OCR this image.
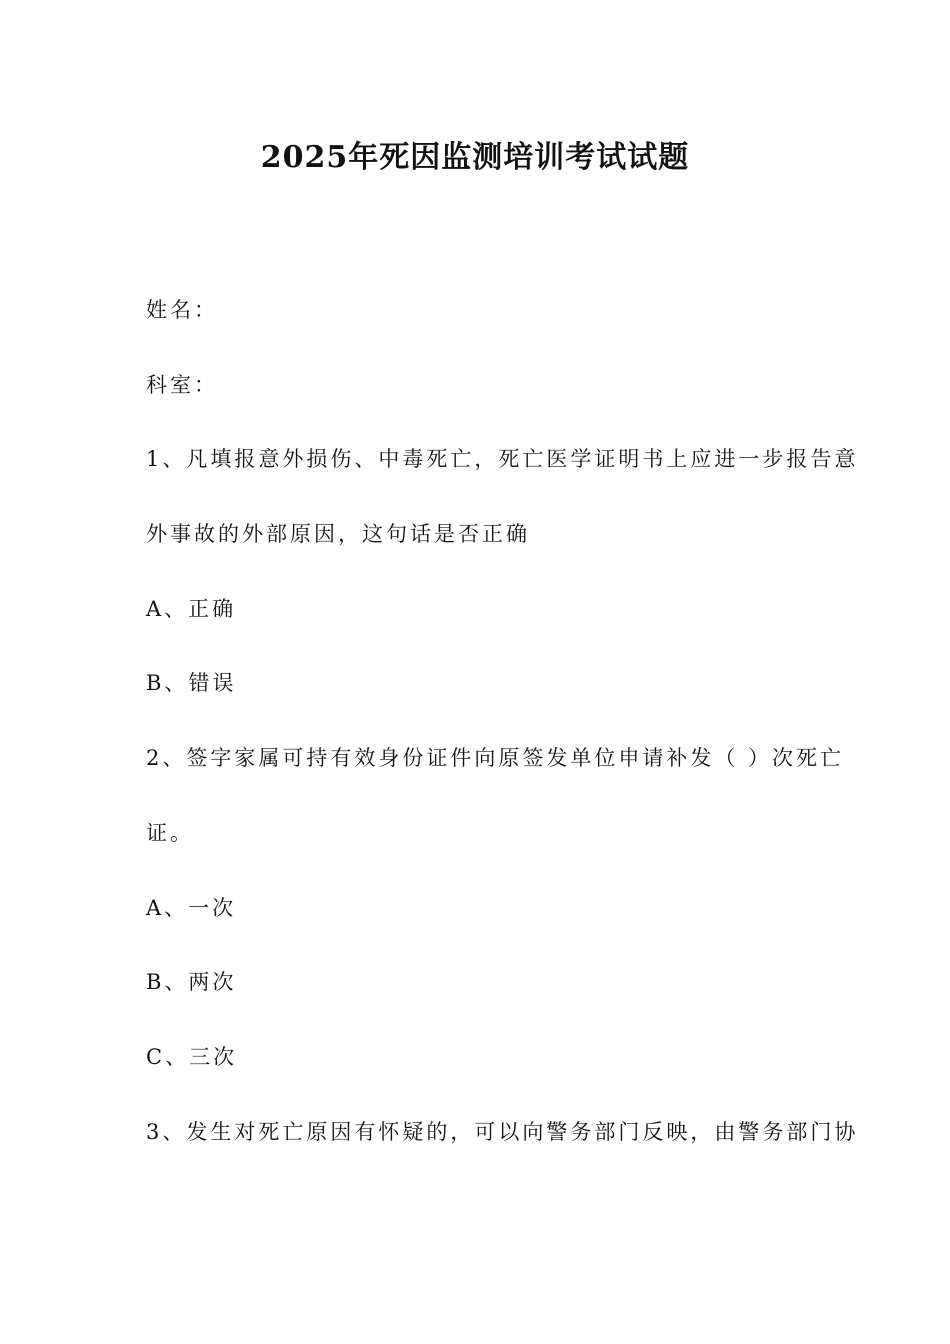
2025年死因监测培训考试试题
姓名：
科室：
1、凡填报意外损伤、中毒死亡，死亡医学证明书上应进一步报告意
外事故的外部原因，这句话是否正确
A、正确
B、错误
2、签字家属可持有效身份证件向原签发单位申请补发（ ）次死亡
证。
A、一次
B、两次
C、三次
3、发生对死亡原因有怀疑的，可以向警务部门反映，由警务部门协
